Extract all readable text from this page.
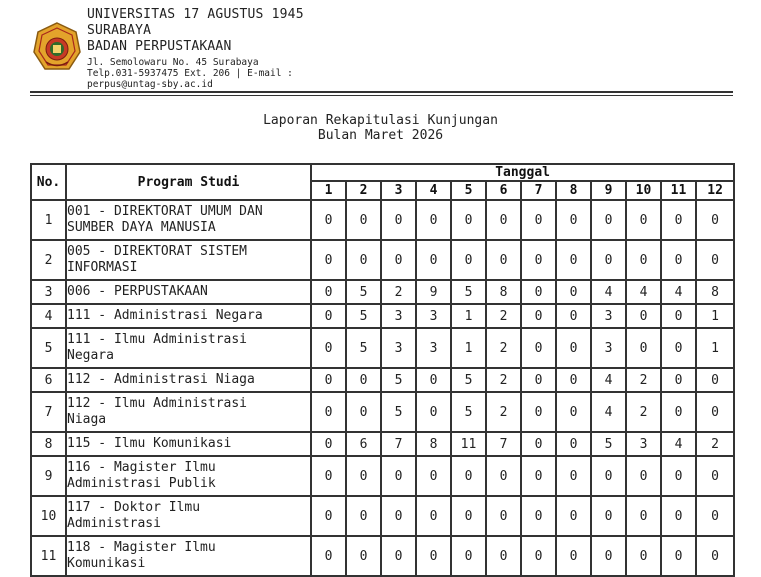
UNIVERSITAS 17 AGUSTUS 1945
SURABAYA
BADAN PERPUSTAKAAN
Jl. Semolowaru No. 45 Surabaya
Telp.031-5937475 Ext. 206 | E-mail :
perpus@untag-sby.ac.id
Laporan Rekapitulasi Kunjungan
Bulan Maret 2026
No.	Program Studi	Tanggal											
		1	2	3	4	5	6	7	8	9	10	11	12
1	001 - DIREKTORAT UMUM DAN
SUMBER DAYA MANUSIA	0	0	0	0	0	0	0	0	0	0	0	0
2	005 - DIREKTORAT SISTEM
INFORMASI	0	0	0	0	0	0	0	0	0	0	0	0
3	006 - PERPUSTAKAAN	0	5	2	9	5	8	0	0	4	4	4	8
4	111 - Administrasi Negara	0	5	3	3	1	2	0	0	3	0	0	1
5	111 - Ilmu Administrasi
Negara	0	5	3	3	1	2	0	0	3	0	0	1
6	112 - Administrasi Niaga	0	0	5	0	5	2	0	0	4	2	0	0
7	112 - Ilmu Administrasi
Niaga	0	0	5	0	5	2	0	0	4	2	0	0
8	115 - Ilmu Komunikasi	0	6	7	8	11	7	0	0	5	3	4	2
9	116 - Magister Ilmu
Administrasi Publik	0	0	0	0	0	0	0	0	0	0	0	0
10	117 - Doktor Ilmu
Administrasi	0	0	0	0	0	0	0	0	0	0	0	0
11	118 - Magister Ilmu
Komunikasi	0	0	0	0	0	0	0	0	0	0	0	0
